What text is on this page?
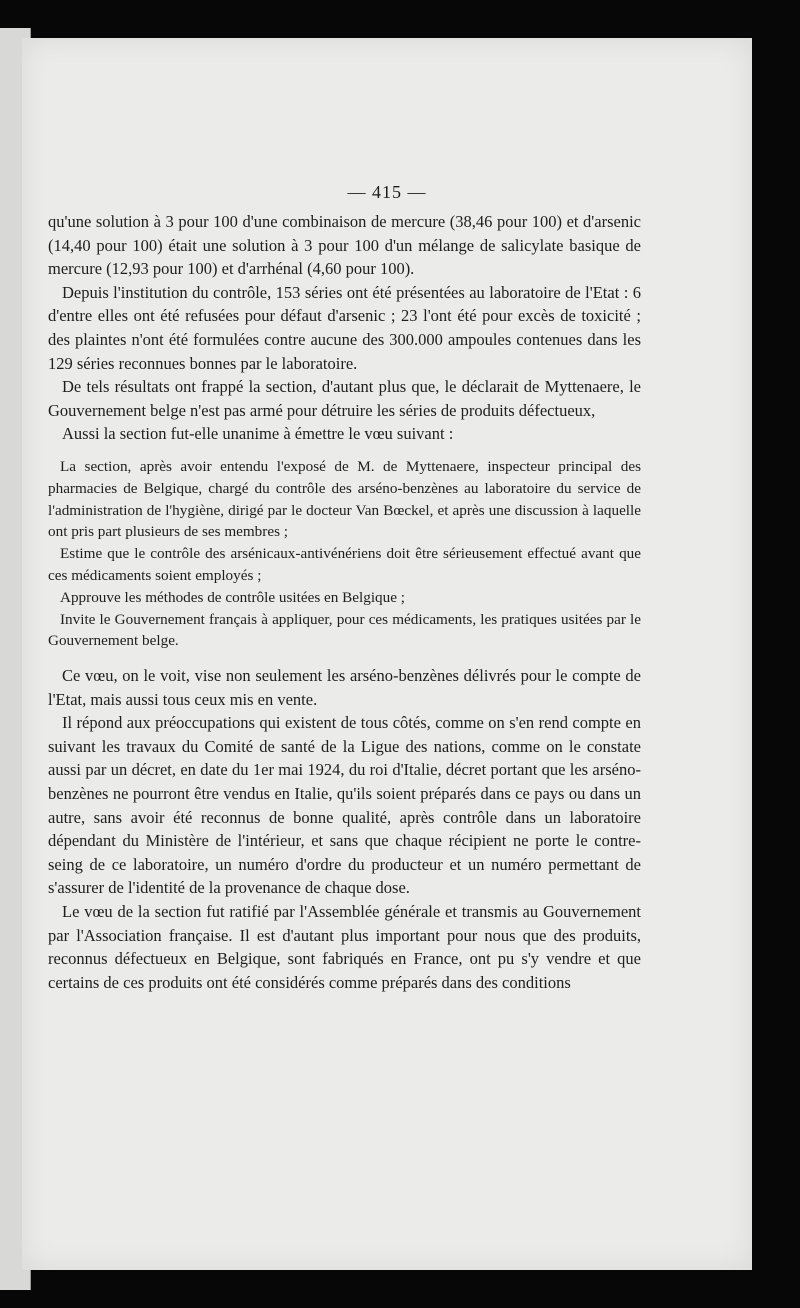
— 415 —

qu'une solution à 3 pour 100 d'une combinaison de mercure (38,46 pour 100) et d'arsenic (14,40 pour 100) était une solution à 3 pour 100 d'un mélange de salicylate basique de mercure (12,93 pour 100) et d'arrhénal (4,60 pour 100).

Depuis l'institution du contrôle, 153 séries ont été présentées au laboratoire de l'Etat : 6 d'entre elles ont été refusées pour défaut d'arsenic ; 23 l'ont été pour excès de toxicité ; des plaintes n'ont été formulées contre aucune des 300.000 ampoules contenues dans les 129 séries reconnues bonnes par le laboratoire.

De tels résultats ont frappé la section, d'autant plus que, le déclarait de Myttenaere, le Gouvernement belge n'est pas armé pour détruire les séries de produits défectueux,

Aussi la section fut-elle unanime à émettre le vœu suivant :

La section, après avoir entendu l'exposé de M. de Myttenaere, inspecteur principal des pharmacies de Belgique, chargé du contrôle des arséno-benzènes au laboratoire du service de l'administration de l'hygiène, dirigé par le docteur Van Bœckel, et après une discussion à laquelle ont pris part plusieurs de ses membres ;

Estime que le contrôle des arsénicaux-antivénériens doit être sérieusement effectué avant que ces médicaments soient employés ;

Approuve les méthodes de contrôle usitées en Belgique ;

Invite le Gouvernement français à appliquer, pour ces médicaments, les pratiques usitées par le Gouvernement belge.

Ce vœu, on le voit, vise non seulement les arséno-benzènes délivrés pour le compte de l'Etat, mais aussi tous ceux mis en vente.

Il répond aux préoccupations qui existent de tous côtés, comme on s'en rend compte en suivant les travaux du Comité de santé de la Ligue des nations, comme on le constate aussi par un décret, en date du 1er mai 1924, du roi d'Italie, décret portant que les arséno-benzènes ne pourront être vendus en Italie, qu'ils soient préparés dans ce pays ou dans un autre, sans avoir été reconnus de bonne qualité, après contrôle dans un laboratoire dépendant du Ministère de l'intérieur, et sans que chaque récipient ne porte le contre-seing de ce laboratoire, un numéro d'ordre du producteur et un numéro permettant de s'assurer de l'identité de la provenance de chaque dose.

Le vœu de la section fut ratifié par l'Assemblée générale et transmis au Gouvernement par l'Association française. Il est d'autant plus important pour nous que des produits, reconnus défectueux en Belgique, sont fabriqués en France, ont pu s'y vendre et que certains de ces produits ont été considérés comme préparés dans des conditions
